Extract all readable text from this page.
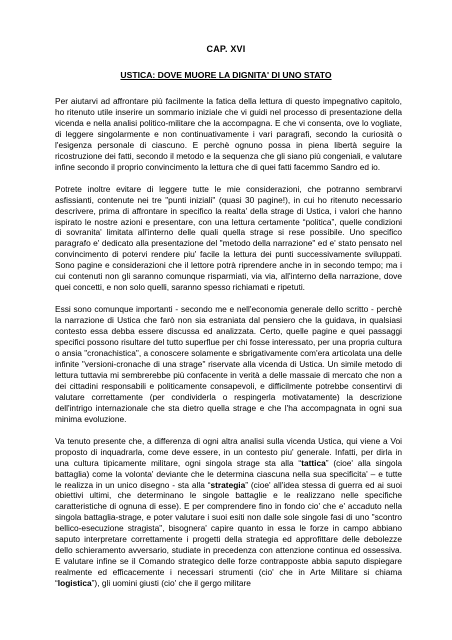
CAP. XVI
USTICA: DOVE MUORE LA DIGNITA' DI UNO STATO

Per aiutarvi ad affrontare più facilmente la fatica della lettura di questo impegnativo capitolo, ho ritenuto utile inserire un sommario iniziale che vi guidi nel processo di presentazione della vicenda e nella analisi politico-militare che la accompagna. E che vi consenta, ove lo vogliate, di leggere singolarmente e non continuativamente i vari paragrafi, secondo la curiosità o l'esigenza personale di ciascuno. E perchè ognuno possa in piena libertà seguire la ricostruzione dei fatti, secondo il metodo e la sequenza che gli siano più congeniali, e valutare infine secondo il proprio convincimento la lettura che di quei fatti facemmo Sandro ed io.

Potrete inoltre evitare di leggere tutte le mie considerazioni, che potranno sembrarvi asfissianti, contenute nei tre "punti iniziali" (quasi 30 pagine!), in cui ho ritenuto necessario descrivere, prima di affrontare in specifico la realta' della strage di Ustica, i valori che hanno ispirato le nostre azioni e presentare, con una lettura certamente “politica”, quelle condizioni di sovranita' limitata all'interno delle quali quella strage si rese possibile. Uno specifico paragrafo e' dedicato alla presentazione del "metodo della narrazione" ed e' stato pensato nel convincimento di potervi rendere piu' facile la lettura dei punti successivamente sviluppati. Sono pagine e considerazioni che il lettore potrà riprendere anche in in secondo tempo; ma i cui contenuti non gli saranno comunque risparmiati, via via, all'interno della narrazione, dove quei concetti, e non solo quelli, saranno spesso richiamati e ripetuti.

Essi sono comunque importanti - secondo me e nell'economia generale dello scritto - perchè la narrazione di Ustica che farò non sia estraniata dal pensiero che la guidava, in qualsiasi contesto essa debba essere discussa ed analizzata. Certo, quelle pagine e quei passaggi specifici possono risultare del tutto superflue per chi fosse interessato, per una propria cultura o ansia "cronachistica", a conoscere solamente e sbrigativamente com'era articolata una delle infinite "versioni-cronache di una strage" riservate alla vicenda di Ustica. Un simile metodo di lettura tuttavia mi sembrerebbe più confacente in verità a delle massaie di mercato che non a dei cittadini responsabili e politicamente consapevoli, e difficilmente potrebbe consentirvi di valutare correttamente (per condividerla o respingerla motivatamente) la descrizione dell'intrigo internazionale che sta dietro quella strage e che l'ha accompagnata in ogni sua minima evoluzione.

Va tenuto presente che, a differenza di ogni altra analisi sulla vicenda Ustica, qui viene a Voi proposto di inquadrarla, come deve essere, in un contesto piu' generale. Infatti, per dirla in una cultura tipicamente militare, ogni singola strage sta alla “tattica” (cioe' alla singola battaglia) come la volonta' deviante che le determina ciascuna nella sua specificita' – e tutte le realizza in un unico disegno - sta alla “strategia” (cioe' all'idea stessa di guerra ed ai suoi obiettivi ultimi, che determinano le singole battaglie e le realizzano nelle specifiche caratteristiche di ognuna di esse). E per comprendere fino in fondo cio' che e' accaduto nella singola battaglia-strage, e poter valutare i suoi esiti non dalle sole singole fasi di uno "scontro bellico-esecuzione stragista", bisognera' capire quanto in essa le forze in campo abbiano saputo interpretare correttamente i progetti della strategia ed approfittare delle debolezze dello schieramento avversario, studiate in precedenza con attenzione continua ed ossessiva. E valutare infine se il Comando strategico delle forze contrapposte abbia saputo dispiegare realmente ed efficacemente i necessari strumenti (cio' che in Arte Militare si chiama “logistica”), gli uomini giusti (cio' che il gergo militare
